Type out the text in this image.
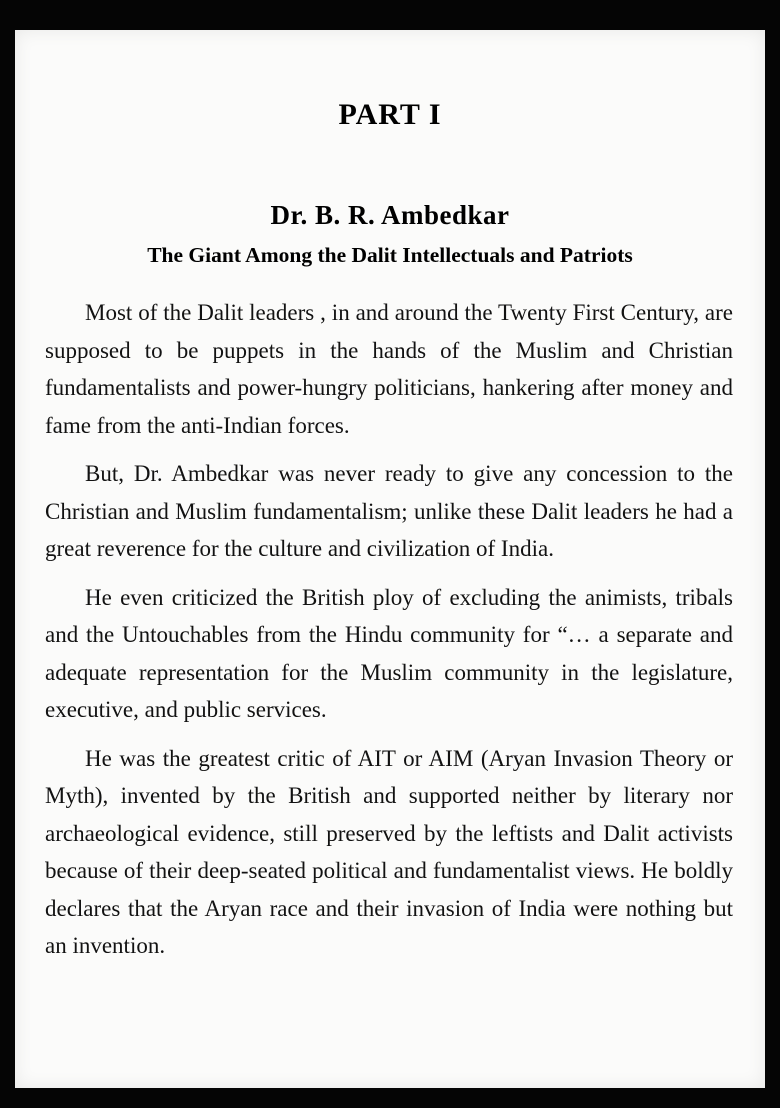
PART I
Dr. B. R. Ambedkar
The Giant Among the Dalit Intellectuals and Patriots

Most of the Dalit leaders , in and around the Twenty First Century, are supposed to be puppets in the hands of the Muslim and Christian fundamentalists and power-hungry politicians, hankering after money and fame from the anti-Indian forces.

But, Dr. Ambedkar was never ready to give any concession to the Christian and Muslim fundamentalism; unlike these Dalit leaders he had a great reverence for the culture and civilization of India.

He even criticized the British ploy of excluding the animists, tribals and the Untouchables from the Hindu community for “… a separate and adequate representation for the Muslim community in the legislature, executive, and public services.

He was the greatest critic of AIT or AIM (Aryan Invasion Theory or Myth), invented by the British and supported neither by literary nor archaeological evidence, still preserved by the leftists and Dalit activists because of their deep-seated political and fundamentalist views. He boldly declares that the Aryan race and their invasion of India were nothing but an invention.
